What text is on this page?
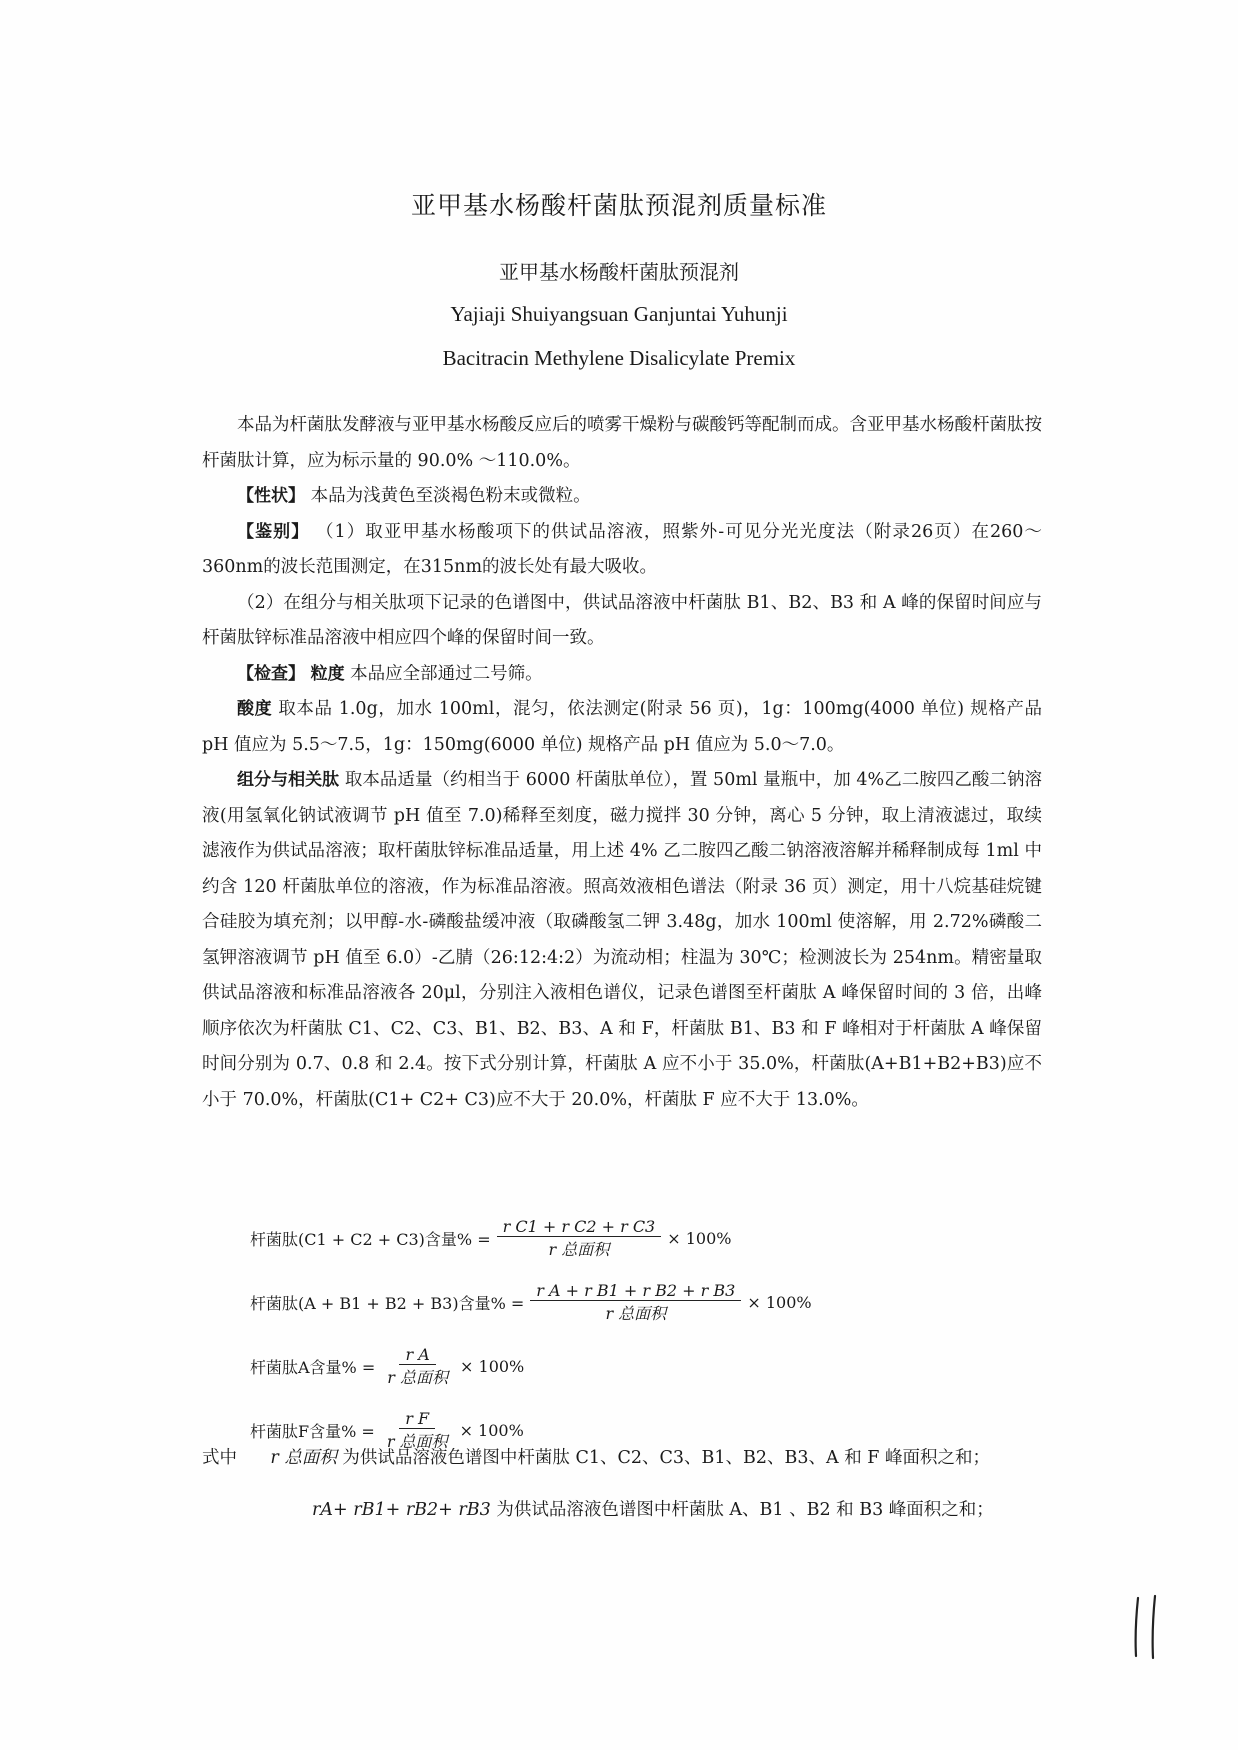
亚甲基水杨酸杆菌肽预混剂质量标准
亚甲基水杨酸杆菌肽预混剂
Yajiaji Shuiyangsuan Ganjuntai Yuhunji
Bacitracin Methylene Disalicylate Premix

本品为杆菌肽发酵液与亚甲基水杨酸反应后的喷雾干燥粉与碳酸钙等配制而成。含亚甲基水杨酸杆菌肽按杆菌肽计算，应为标示量的 90.0% ～110.0%。

【性状】 本品为浅黄色至淡褐色粉末或微粒。

【鉴别】 （1）取亚甲基水杨酸项下的供试品溶液，照紫外-可见分光光度法（附录26页）在260～360nm的波长范围测定，在315nm的波长处有最大吸收。

（2）在组分与相关肽项下记录的色谱图中，供试品溶液中杆菌肽 B1、B2、B3 和 A 峰的保留时间应与杆菌肽锌标准品溶液中相应四个峰的保留时间一致。

【检查】 粒度 本品应全部通过二号筛。

酸度 取本品 1.0g，加水 100ml，混匀，依法测定(附录 56 页)，1g：100mg(4000 单位) 规格产品 pH 值应为 5.5～7.5，1g：150mg(6000 单位) 规格产品 pH 值应为 5.0～7.0。

组分与相关肽 取本品适量（约相当于 6000 杆菌肽单位），置 50ml 量瓶中，加 4%乙二胺四乙酸二钠溶液(用氢氧化钠试液调节 pH 值至 7.0)稀释至刻度，磁力搅拌 30 分钟，离心 5 分钟，取上清液滤过，取续滤液作为供试品溶液；取杆菌肽锌标准品适量，用上述 4% 乙二胺四乙酸二钠溶液溶解并稀释制成每 1ml 中约含 120 杆菌肽单位的溶液，作为标准品溶液。照高效液相色谱法（附录 36 页）测定，用十八烷基硅烷键合硅胶为填充剂；以甲醇-水-磷酸盐缓冲液（取磷酸氢二钾 3.48g，加水 100ml 使溶解，用 2.72%磷酸二氢钾溶液调节 pH 值至 6.0）-乙腈（26:12:4:2）为流动相；柱温为 30℃；检测波长为 254nm。精密量取供试品溶液和标准品溶液各 20μl，分别注入液相色谱仪，记录色谱图至杆菌肽 A 峰保留时间的 3 倍，出峰顺序依次为杆菌肽 C1、C2、C3、B1、B2、B3、A 和 F，杆菌肽 B1、B3 和 F 峰相对于杆菌肽 A 峰保留时间分别为 0.7、0.8 和 2.4。按下式分别计算，杆菌肽 A 应不小于 35.0%，杆菌肽(A+B1+B2+B3)应不小于 70.0%，杆菌肽(C1+ C2+ C3)应不大于 20.0%，杆菌肽 F 应不大于 13.0%。

杆菌肽(C1 + C2 + C3)含量% = $\frac{\text{r C1 + r C2 + r C3}}{\text{r 总面积}} \times 100\%$
杆菌肽(A + B1 + B2 + B3)含量% = $\frac{\text{r A + r B1 + r B2 + r B3}}{\text{r 总面积}} \times 100\%$
杆菌肽A含量% = $\frac{\text{r A}}{\text{r 总面积}} \times 100\%$
杆菌肽F含量% = $\frac{\text{r F}}{\text{r 总面积}} \times 100\%$

式中 r 总面积 为供试品溶液色谱图中杆菌肽 C1、C2、C3、B1、B2、B3、A 和 F 峰面积之和；

rA+ rB1+ rB2+ rB3 为供试品溶液色谱图中杆菌肽 A、B1 、B2 和 B3 峰面积之和；
